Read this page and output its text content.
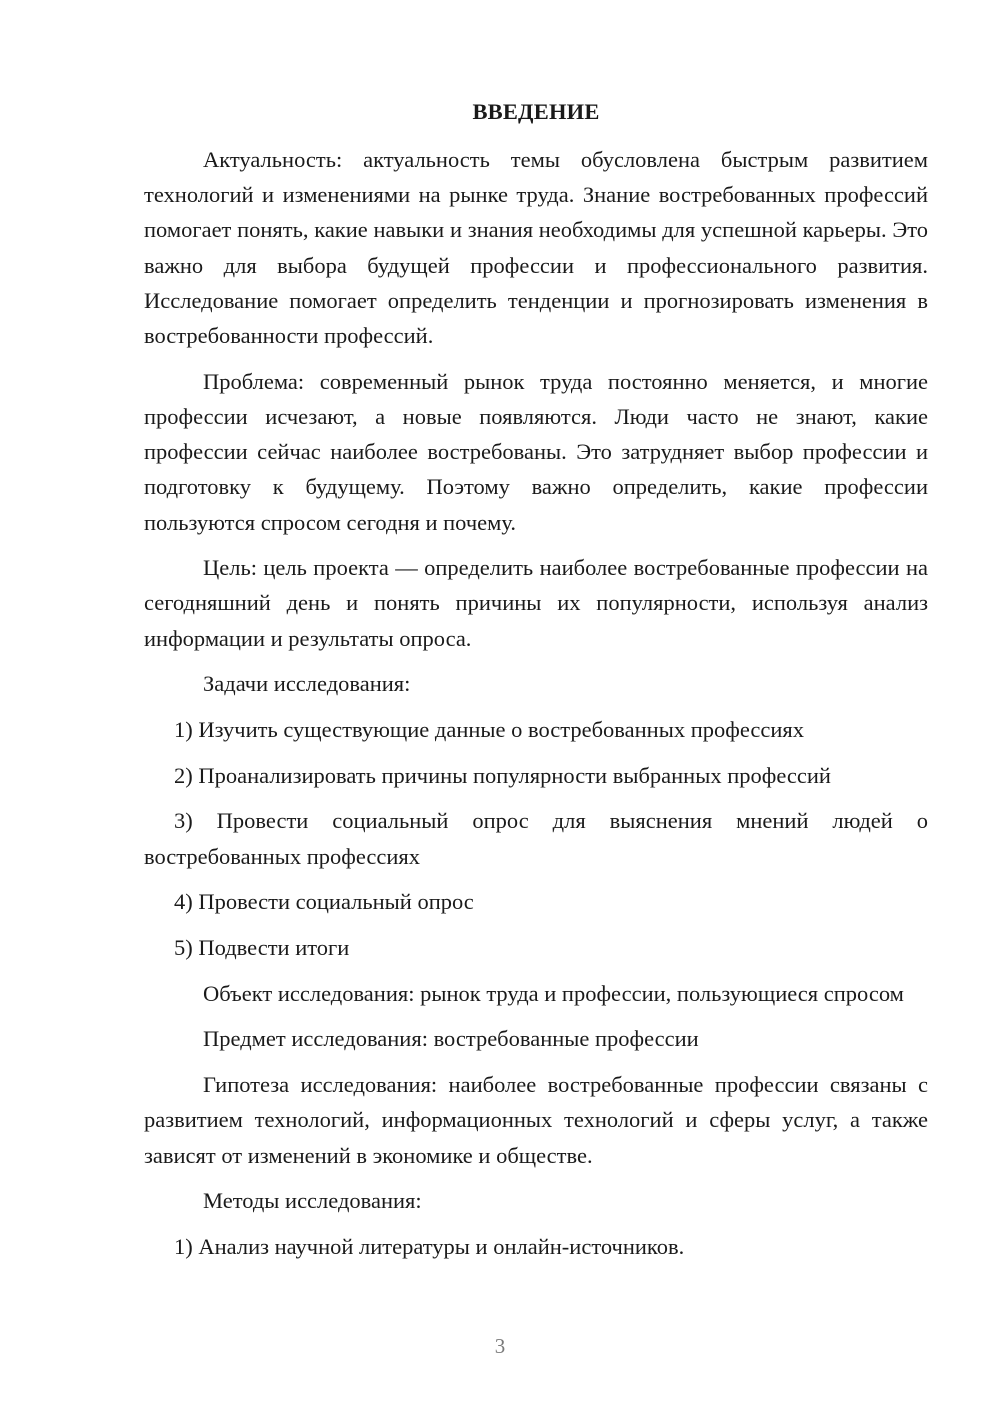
ВВЕДЕНИЕ

Актуальность: актуальность темы обусловлена быстрым развитием технологий и изменениями на рынке труда. Знание востребованных профессий помогает понять, какие навыки и знания необходимы для успешной карьеры. Это важно для выбора будущей профессии и профессионального развития. Исследование помогает определить тенденции и прогнозировать изменения в востребованности профессий.

Проблема: современный рынок труда постоянно меняется, и многие профессии исчезают, а новые появляются. Люди часто не знают, какие профессии сейчас наиболее востребованы. Это затрудняет выбор профессии и подготовку к будущему. Поэтому важно определить, какие профессии пользуются спросом сегодня и почему.

Цель: цель проекта — определить наиболее востребованные профессии на сегодняшний день и понять причины их популярности, используя анализ информации и результаты опроса.

Задачи исследования:

1) Изучить существующие данные о востребованных профессиях

2) Проанализировать причины популярности выбранных профессий

3) Провести социальный опрос для выяснения мнений людей о востребованных профессиях

4) Провести социальный опрос

5) Подвести итоги

Объект исследования: рынок труда и профессии, пользующиеся спросом

Предмет исследования: востребованные профессии

Гипотеза исследования: наиболее востребованные профессии связаны с развитием технологий, информационных технологий и сферы услуг, а также зависят от изменений в экономике и обществе.

Методы исследования:

1) Анализ научной литературы и онлайн-источников.

3
